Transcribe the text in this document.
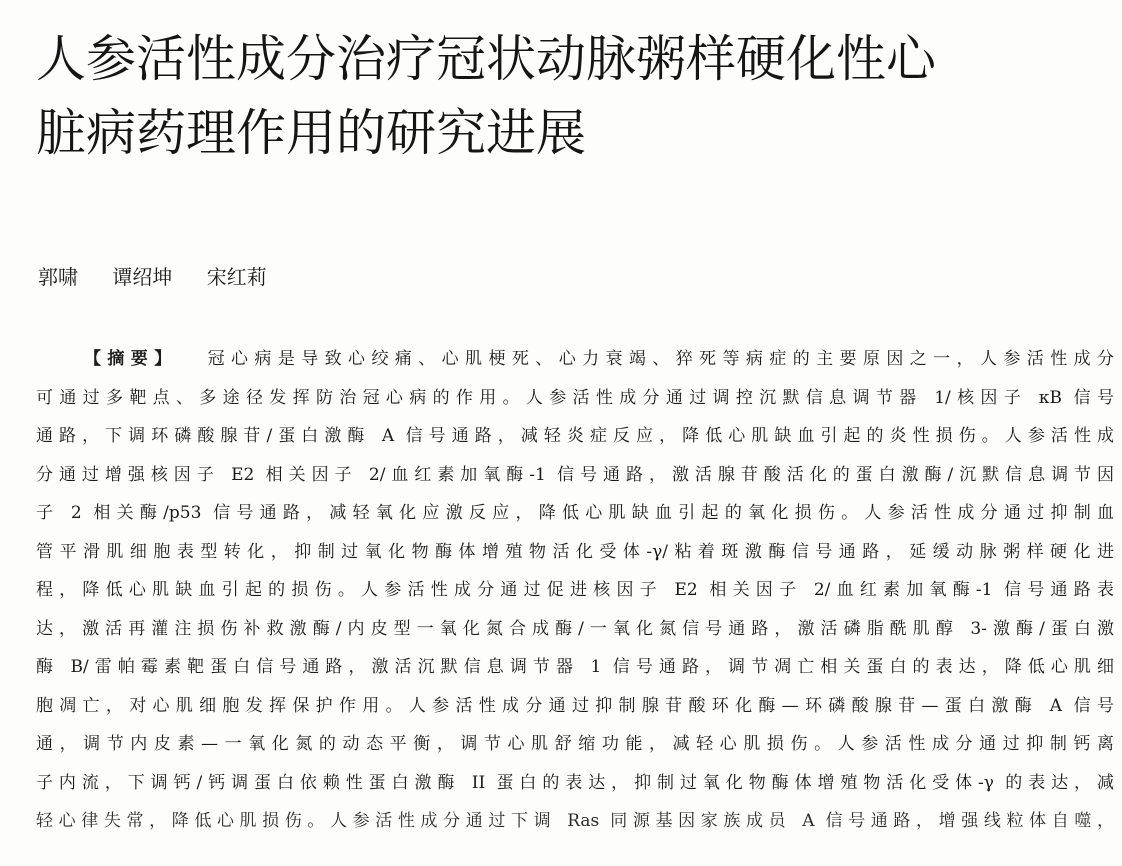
人参活性成分治疗冠状动脉粥样硬化性心
脏病药理作用的研究进展
郭啸 谭绍坤 宋红莉
【摘要】 冠心病是导致心绞痛、心肌梗死、心力衰竭、猝死等病症的主要原因之一，人参活性成分
可通过多靶点、多途径发挥防治冠心病的作用。人参活性成分通过调控沉默信息调节器 1/核因子 κB 信号
通路，下调环磷酸腺苷/蛋白激酶 A 信号通路，减轻炎症反应，降低心肌缺血引起的炎性损伤。人参活性成
分通过增强核因子 E2 相关因子 2/血红素加氧酶-1 信号通路，激活腺苷酸活化的蛋白激酶/沉默信息调节因
子 2 相关酶/p53 信号通路，减轻氧化应激反应，降低心肌缺血引起的氧化损伤。人参活性成分通过抑制血
管平滑肌细胞表型转化，抑制过氧化物酶体增殖物活化受体-γ/粘着斑激酶信号通路，延缓动脉粥样硬化进
程，降低心肌缺血引起的损伤。人参活性成分通过促进核因子 E2 相关因子 2/血红素加氧酶-1 信号通路表
达，激活再灌注损伤补救激酶/内皮型一氧化氮合成酶/一氧化氮信号通路，激活磷脂酰肌醇 3-激酶/蛋白激
酶 B/雷帕霉素靶蛋白信号通路，激活沉默信息调节器 1 信号通路，调节凋亡相关蛋白的表达，降低心肌细
胞凋亡，对心肌细胞发挥保护作用。人参活性成分通过抑制腺苷酸环化酶—环磷酸腺苷—蛋白激酶 A 信号
通，调节内皮素—一氧化氮的动态平衡，调节心肌舒缩功能，减轻心肌损伤。人参活性成分通过抑制钙离
子内流，下调钙/钙调蛋白依赖性蛋白激酶 II 蛋白的表达，抑制过氧化物酶体增殖物活化受体-γ 的表达，减
轻心律失常，降低心肌损伤。人参活性成分通过下调 Ras 同源基因家族成员 A 信号通路，增强线粒体自噬，
